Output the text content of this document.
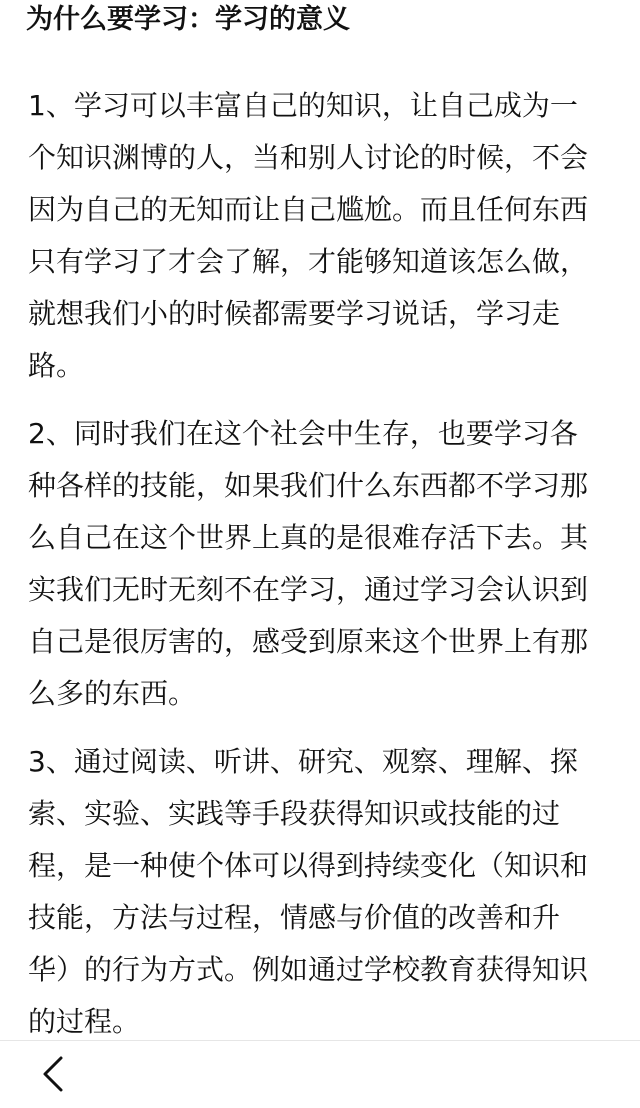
为什么要学习：学习的意义

1、学习可以丰富自己的知识，让自己成为一
个知识渊博的人，当和别人讨论的时候，不会
因为自己的无知而让自己尴尬。而且任何东西
只有学习了才会了解，才能够知道该怎么做，
就想我们小的时候都需要学习说话，学习走
路。

2、同时我们在这个社会中生存，也要学习各
种各样的技能，如果我们什么东西都不学习那
么自己在这个世界上真的是很难存活下去。其
实我们无时无刻不在学习，通过学习会认识到
自己是很厉害的，感受到原来这个世界上有那
么多的东西。

3、通过阅读、听讲、研究、观察、理解、探
索、实验、实践等手段获得知识或技能的过
程，是一种使个体可以得到持续变化（知识和
技能，方法与过程，情感与价值的改善和升
华）的行为方式。例如通过学校教育获得知识
的过程。
